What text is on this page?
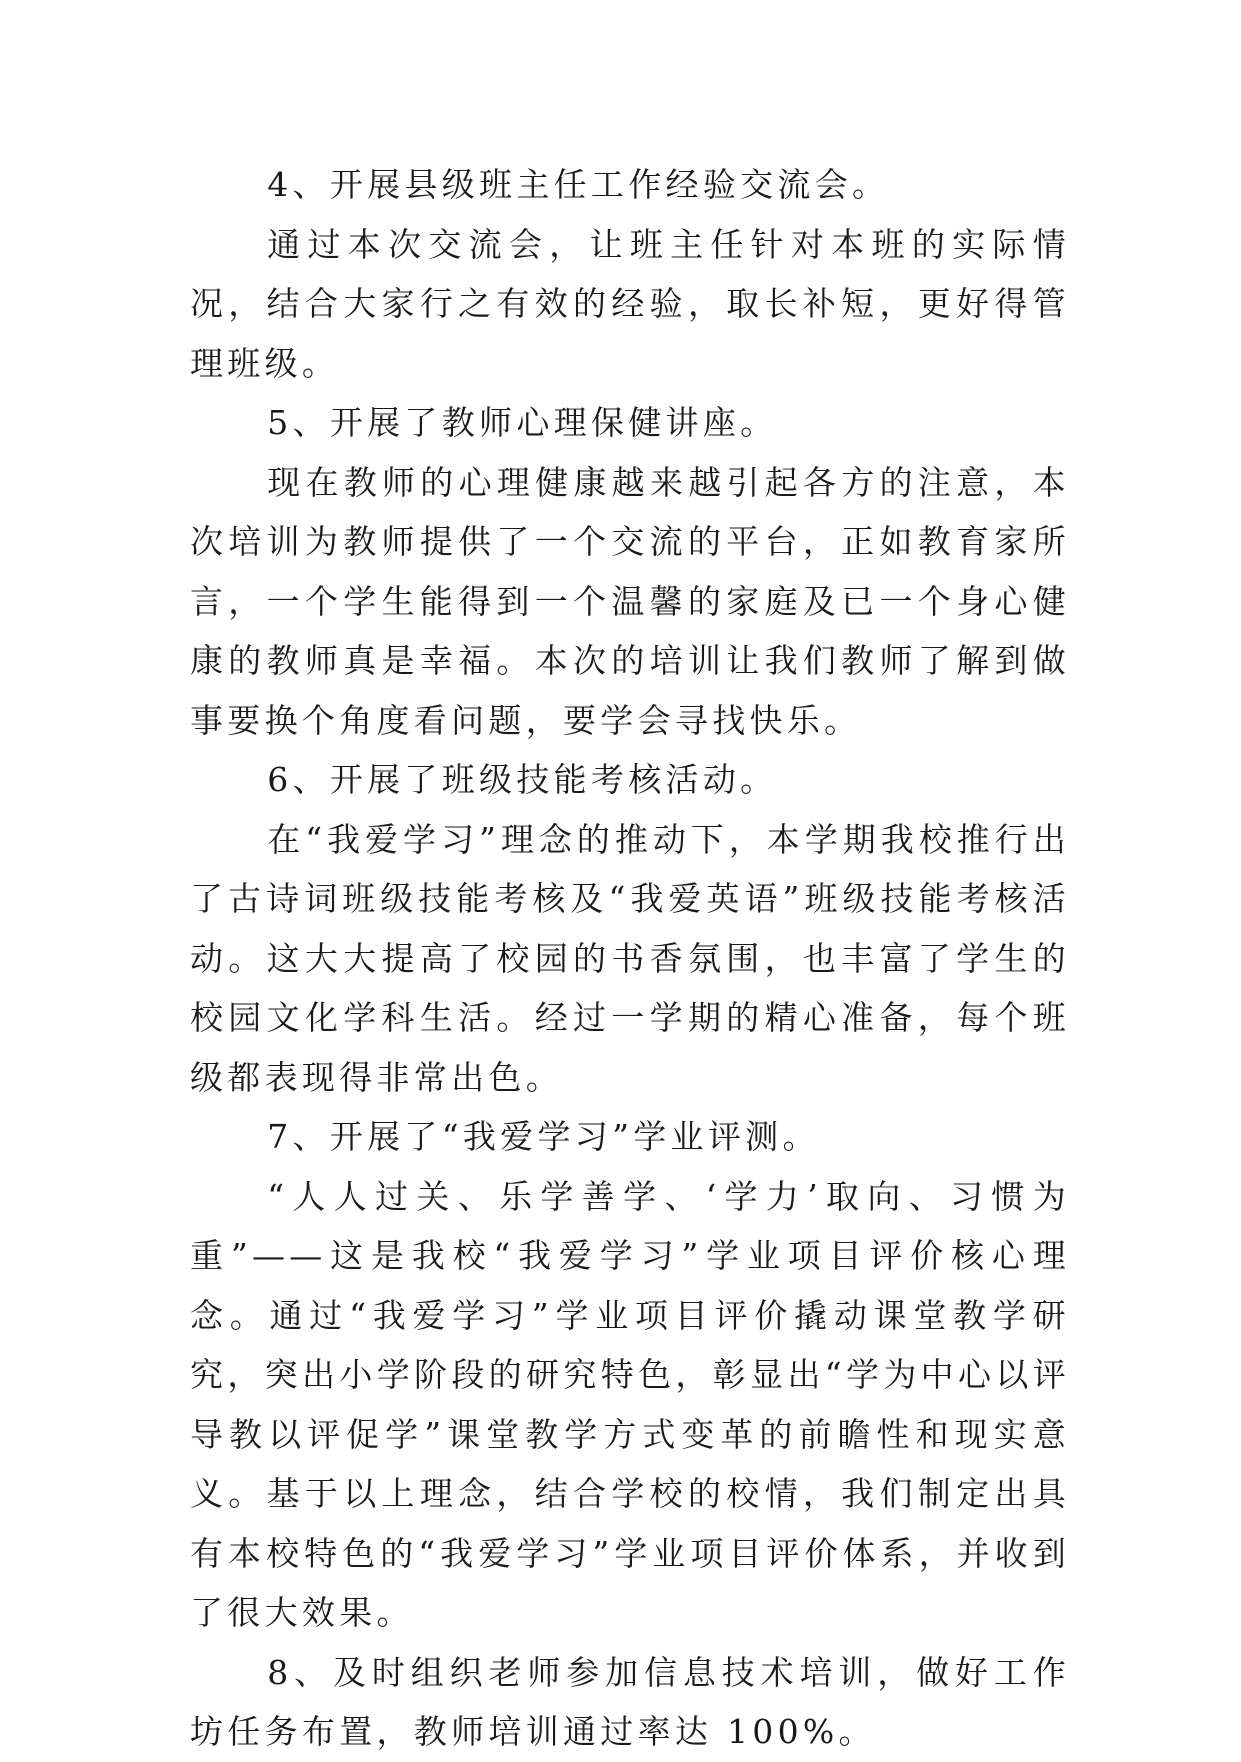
4、开展县级班主任工作经验交流会。

通过本次交流会，让班主任针对本班的实际情况，结合大家行之有效的经验，取长补短，更好得管理班级。

5、开展了教师心理保健讲座。

现在教师的心理健康越来越引起各方的注意，本次培训为教师提供了一个交流的平台，正如教育家所言，一个学生能得到一个温馨的家庭及已一个身心健康的教师真是幸福。本次的培训让我们教师了解到做事要换个角度看问题，要学会寻找快乐。

6、开展了班级技能考核活动。

在“我爱学习”理念的推动下，本学期我校推行出了古诗词班级技能考核及“我爱英语”班级技能考核活动。这大大提高了校园的书香氛围，也丰富了学生的校园文化学科生活。经过一学期的精心准备，每个班级都表现得非常出色。

7、开展了“我爱学习”学业评测。

“人人过关、乐学善学、‘学力’取向、习惯为重”——这是我校“我爱学习”学业项目评价核心理念。通过“我爱学习”学业项目评价撬动课堂教学研究，突出小学阶段的研究特色，彰显出“学为中心以评导教以评促学”课堂教学方式变革的前瞻性和现实意义。基于以上理念，结合学校的校情，我们制定出具有本校特色的“我爱学习”学业项目评价体系，并收到了很大效果。

8、及时组织老师参加信息技术培训，做好工作坊任务布置，教师培训通过率达 100%。
